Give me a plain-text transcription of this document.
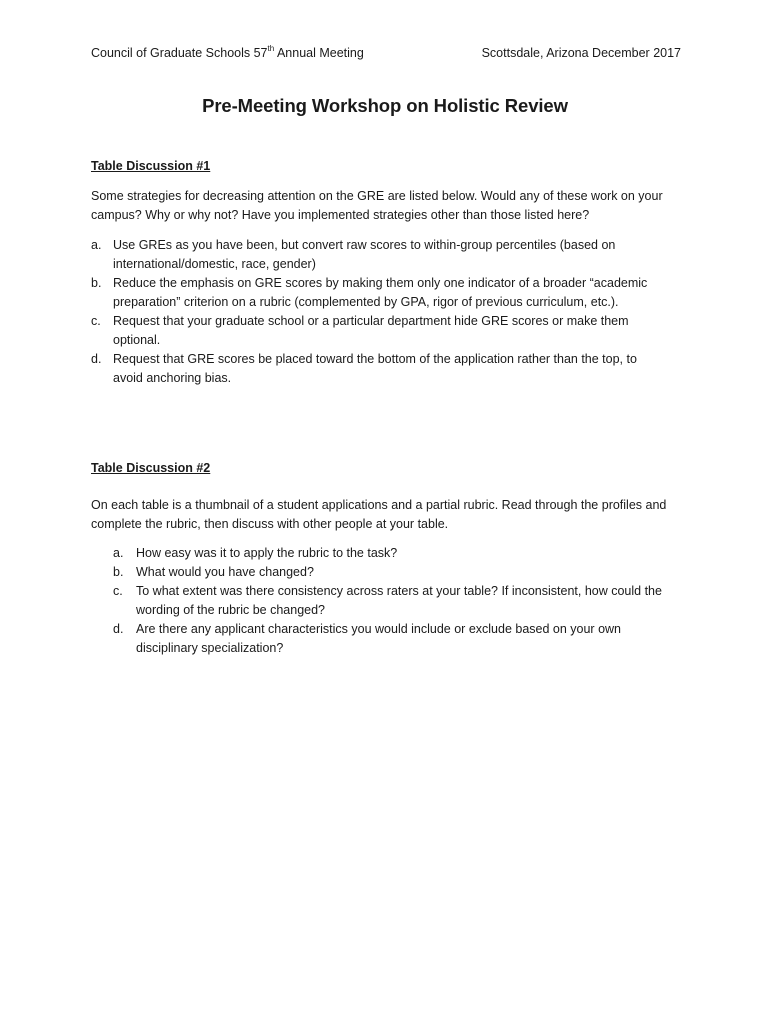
Council of Graduate Schools 57th Annual Meeting	Scottsdale, Arizona December 2017
Pre-Meeting Workshop on Holistic Review
Table Discussion #1
Some strategies for decreasing attention on the GRE are listed below. Would any of these work on your campus? Why or why not? Have you implemented strategies other than those listed here?
a. Use GREs as you have been, but convert raw scores to within-group percentiles (based on international/domestic, race, gender)
b. Reduce the emphasis on GRE scores by making them only one indicator of a broader “academic preparation” criterion on a rubric (complemented by GPA, rigor of previous curriculum, etc.).
c. Request that your graduate school or a particular department hide GRE scores or make them optional.
d. Request that GRE scores be placed toward the bottom of the application rather than the top, to avoid anchoring bias.
Table Discussion #2
On each table is a thumbnail of a student applications and a partial rubric. Read through the profiles and complete the rubric, then discuss with other people at your table.
a. How easy was it to apply the rubric to the task?
b. What would you have changed?
c. To what extent was there consistency across raters at your table? If inconsistent, how could the wording of the rubric be changed?
d. Are there any applicant characteristics you would include or exclude based on your own disciplinary specialization?
